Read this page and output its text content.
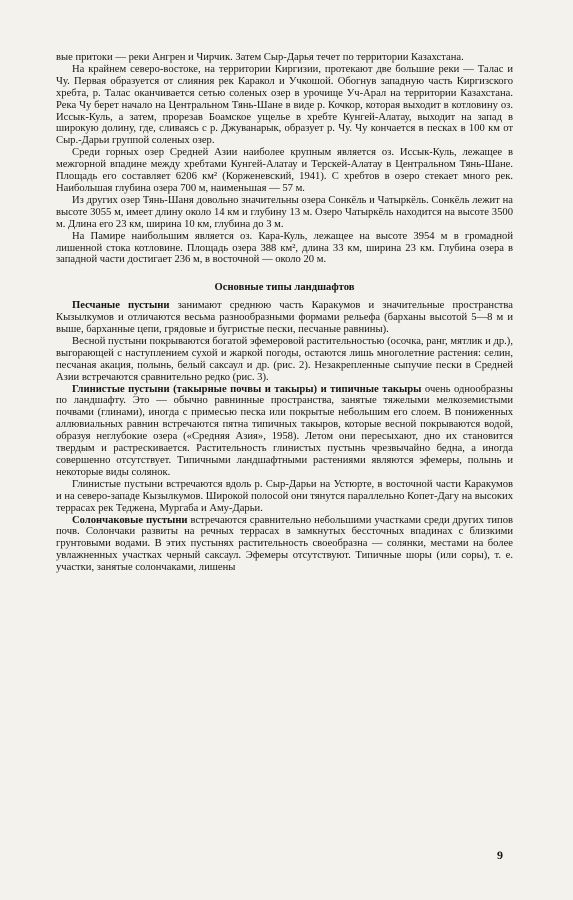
вые притоки — реки Ангрен и Чирчик. Затем Сыр-Дарья течет по территории Казахстана.

На крайнем северо-востоке, на территории Киргизии, протекают две большие реки — Талас и Чу. Первая образуется от слияния рек Каракол и Учкошой. Обогнув западную часть Киргизского хребта, р. Талас оканчивается сетью соленых озер в урочище Уч-Арал на территории Казахстана. Река Чу берет начало на Центральном Тянь-Шане в виде р. Кочкор, которая выходит в котловину оз. Иссык-Куль, а затем, прорезав Боамское ущелье в хребте Кунгей-Алатау, выходит на запад в широкую долину, где, сливаясь с р. Джуванарык, образует р. Чу. Чу кончается в песках в 100 км от Сыр.-Дарьи группой соленых озер.

Среди горных озер Средней Азии наиболее крупным является оз. Иссык-Куль, лежащее в межгорной впадине между хребтами Кунгей-Алатау и Терскей-Алатау в Центральном Тянь-Шане. Площадь его составляет 6206 км² (Корженевский, 1941). С хребтов в озеро стекает много рек. Наибольшая глубина озера 700 м, наименьшая — 57 м.

Из других озер Тянь-Шаня довольно значительны озера Сонкёль и Чатыркёль. Сонкёль лежит на высоте 3055 м, имеет длину около 14 км и глубину 13 м. Озеро Чатыркёль находится на высоте 3500 м. Длина его 23 км, ширина 10 км, глубина до 3 м.

На Памире наибольшим является оз. Кара-Куль, лежащее на высоте 3954 м в громадной лишенной стока котловине. Площадь озера 388 км², длина 33 км, ширина 23 км. Глубина озера в западной части достигает 236 м, в восточной — около 20 м.

Основные типы ландшафтов

Песчаные пустыни занимают среднюю часть Каракумов и значительные пространства Кызылкумов и отличаются весьма разнообразными формами рельефа (барханы высотой 5—8 м и выше, барханные цепи, грядовые и бугристые пески, песчаные равнины).

Весной пустыни покрываются богатой эфемеровой растительностью (осочка, ранг, мятлик и др.), выгорающей с наступлением сухой и жаркой погоды, остаются лишь многолетние растения: селин, песчаная акация, полынь, белый саксаул и др. (рис. 2). Незакрепленные сыпучие пески в Средней Азии встречаются сравнительно редко (рис. 3).

Глинистые пустыни (такырные почвы и такыры) и типичные такыры очень однообразны по ландшафту. Это — обычно равнинные пространства, занятые тяжелыми мелкоземистыми почвами (глинами), иногда с примесью песка или покрытые небольшим его слоем. В пониженных аллювиальных равнин встречаются пятна типичных такыров, которые весной покрываются водой, образуя неглубокие озера («Средняя Азия», 1958). Летом они пересыхают, дно их становится твердым и растрескивается. Растительность глинистых пустынь чрезвычайно бедна, а иногда совершенно отсутствует. Типичными ландшафтными растениями являются эфемеры, полынь и некоторые виды солянок.

Глинистые пустыни встречаются вдоль р. Сыр-Дарьи на Устюрте, в восточной части Каракумов и на северо-западе Кызылкумов. Широкой полосой они тянутся параллельно Копет-Дагу на высоких террасах рек Теджена, Мургаба и Аму-Дарьи.

Солончаковые пустыни встречаются сравнительно небольшими участками среди других типов почв. Солончаки развиты на речных террасах в замкнутых бессточных впадинах с близкими грунтовыми водами. В этих пустынях растительность своеобразна — солянки, местами на более увлажненных участках черный саксаул. Эфемеры отсутствуют. Типичные шоры (или соры), т. е. участки, занятые солончаками, лишены

9
